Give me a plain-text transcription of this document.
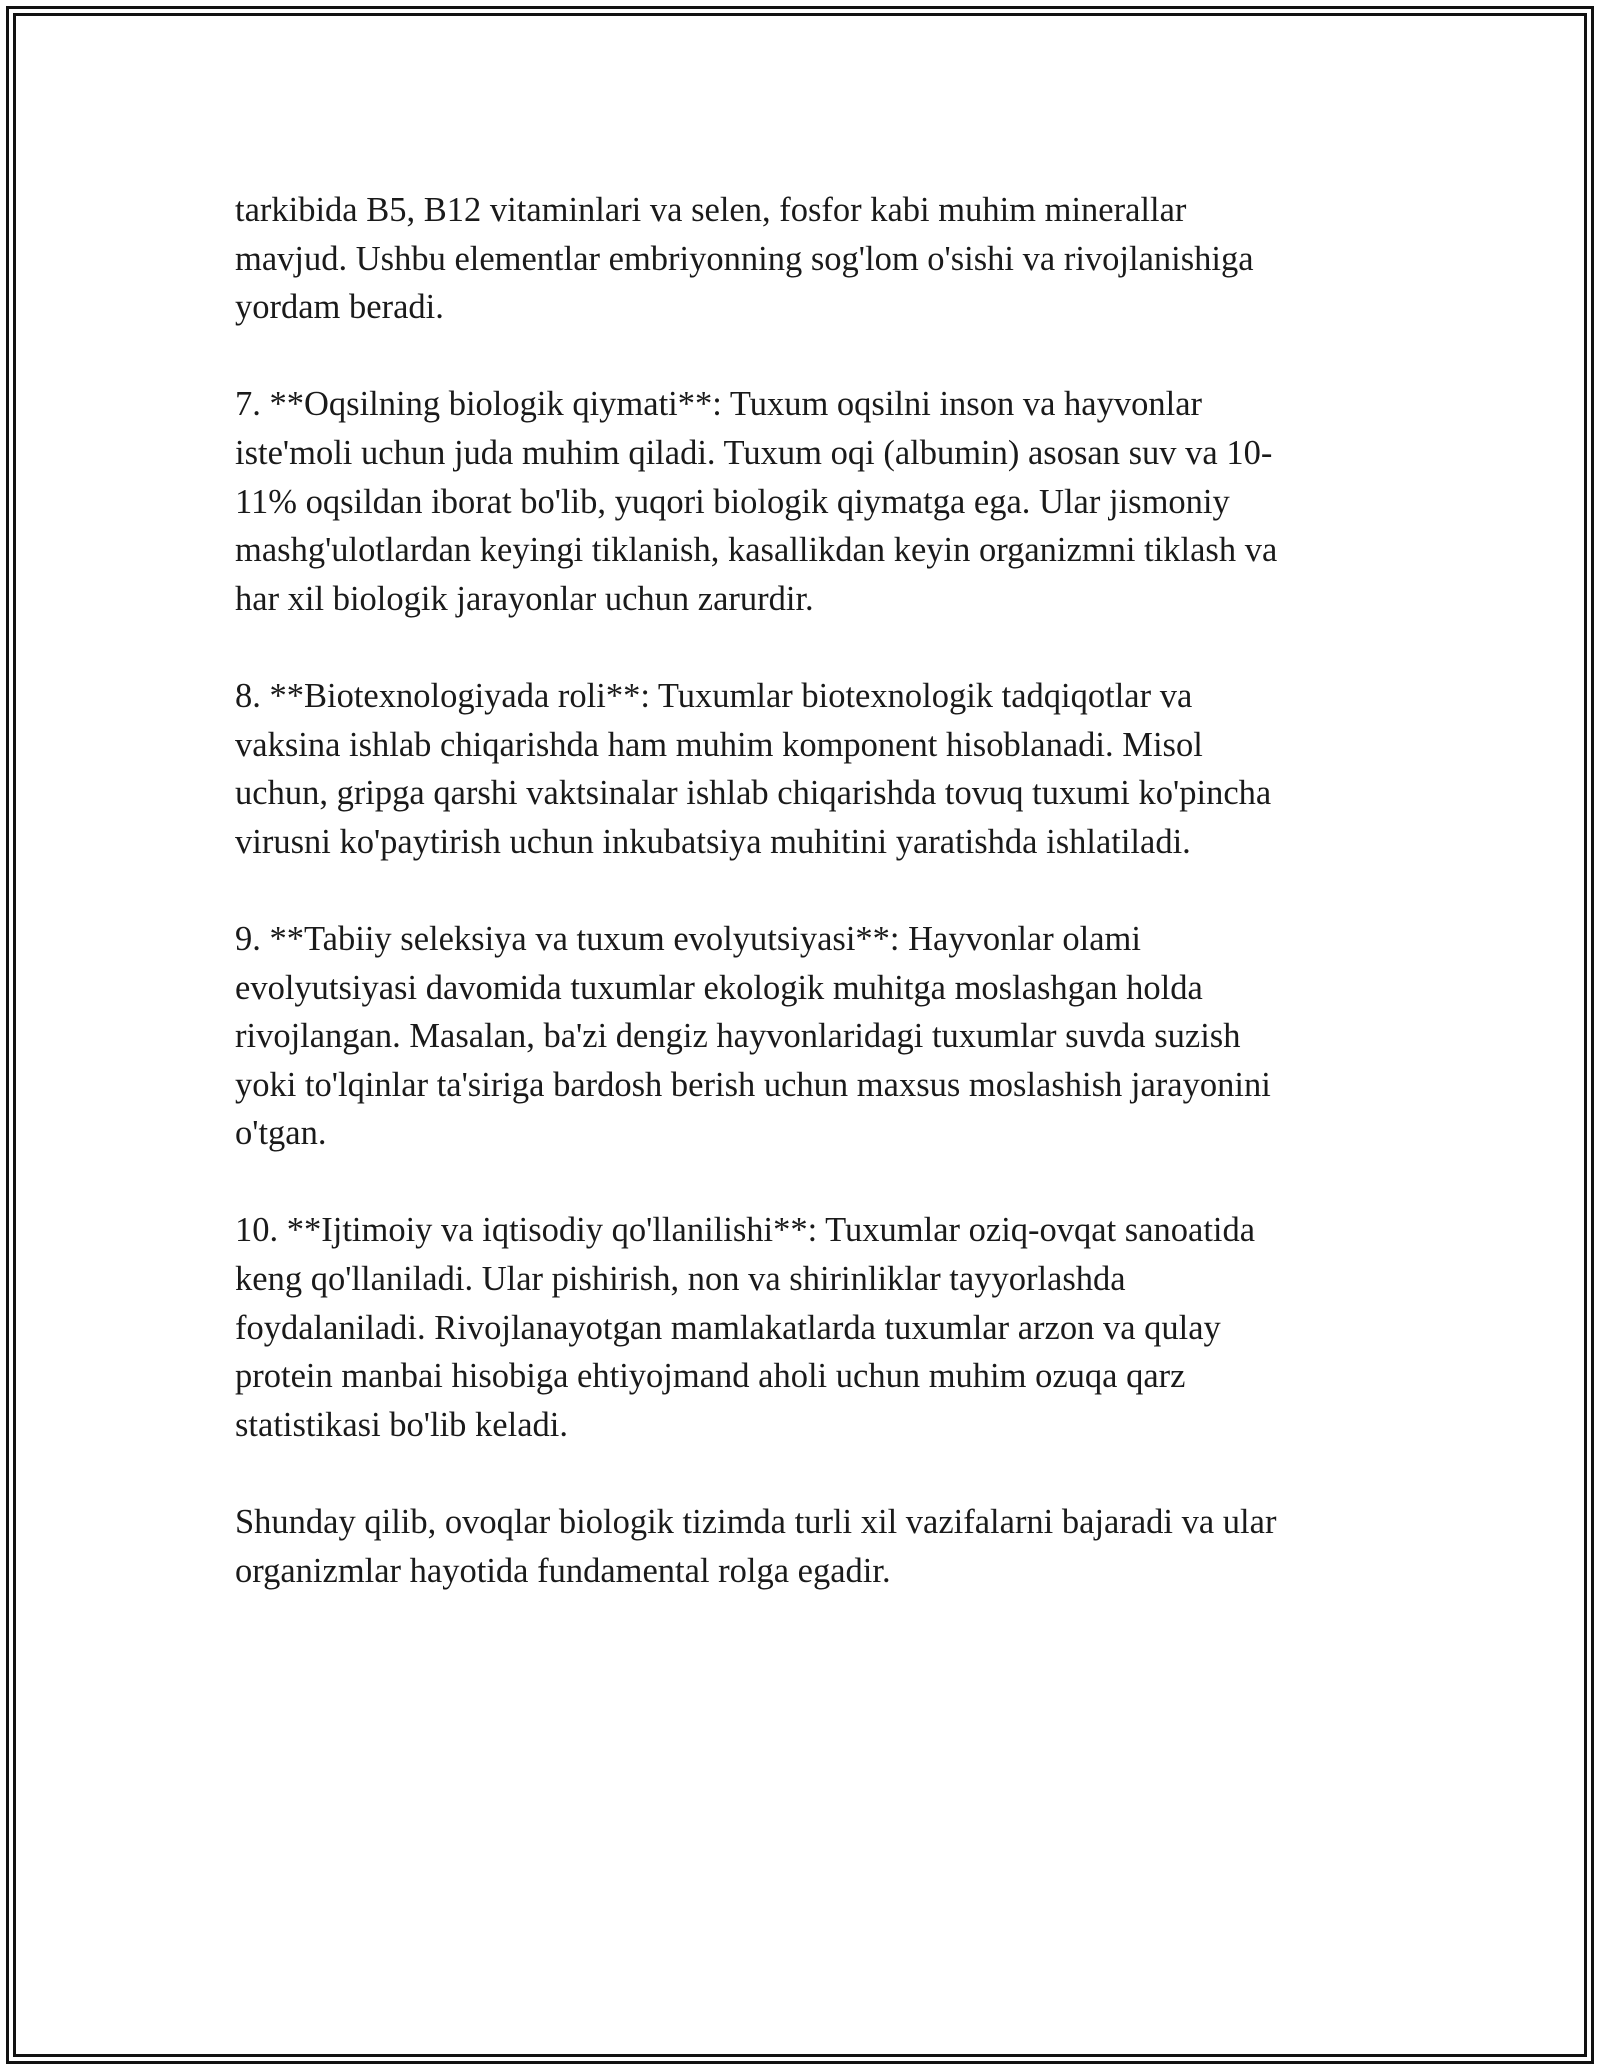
tarkibida B5, B12 vitaminlari va selen, fosfor kabi muhim minerallar
mavjud. Ushbu elementlar embriyonning sog'lom o'sishi va rivojlanishiga
yordam beradi.

7. **Oqsilning biologik qiymati**: Tuxum oqsilni inson va hayvonlar
iste'moli uchun juda muhim qiladi. Tuxum oqi (albumin) asosan suv va 10-
11% oqsildan iborat bo'lib, yuqori biologik qiymatga ega. Ular jismoniy
mashg'ulotlardan keyingi tiklanish, kasallikdan keyin organizmni tiklash va
har xil biologik jarayonlar uchun zarurdir.

8. **Biotexnologiyada roli**: Tuxumlar biotexnologik tadqiqotlar va
vaksina ishlab chiqarishda ham muhim komponent hisoblanadi. Misol
uchun, gripga qarshi vaktsinalar ishlab chiqarishda tovuq tuxumi ko'pincha
virusni ko'paytirish uchun inkubatsiya muhitini yaratishda ishlatiladi.

9. **Tabiiy seleksiya va tuxum evolyutsiyasi**: Hayvonlar olami
evolyutsiyasi davomida tuxumlar ekologik muhitga moslashgan holda
rivojlangan. Masalan, ba'zi dengiz hayvonlaridagi tuxumlar suvda suzish
yoki to'lqinlar ta'siriga bardosh berish uchun maxsus moslashish jarayonini
o'tgan.

10. **Ijtimoiy va iqtisodiy qo'llanilishi**: Tuxumlar oziq-ovqat sanoatida
keng qo'llaniladi. Ular pishirish, non va shirinliklar tayyorlashda
foydalaniladi. Rivojlanayotgan mamlakatlarda tuxumlar arzon va qulay
protein manbai hisobiga ehtiyojmand aholi uchun muhim ozuqa qarz
statistikasi bo'lib keladi.

Shunday qilib, ovoqlar biologik tizimda turli xil vazifalarni bajaradi va ular
organizmlar hayotida fundamental rolga egadir.
